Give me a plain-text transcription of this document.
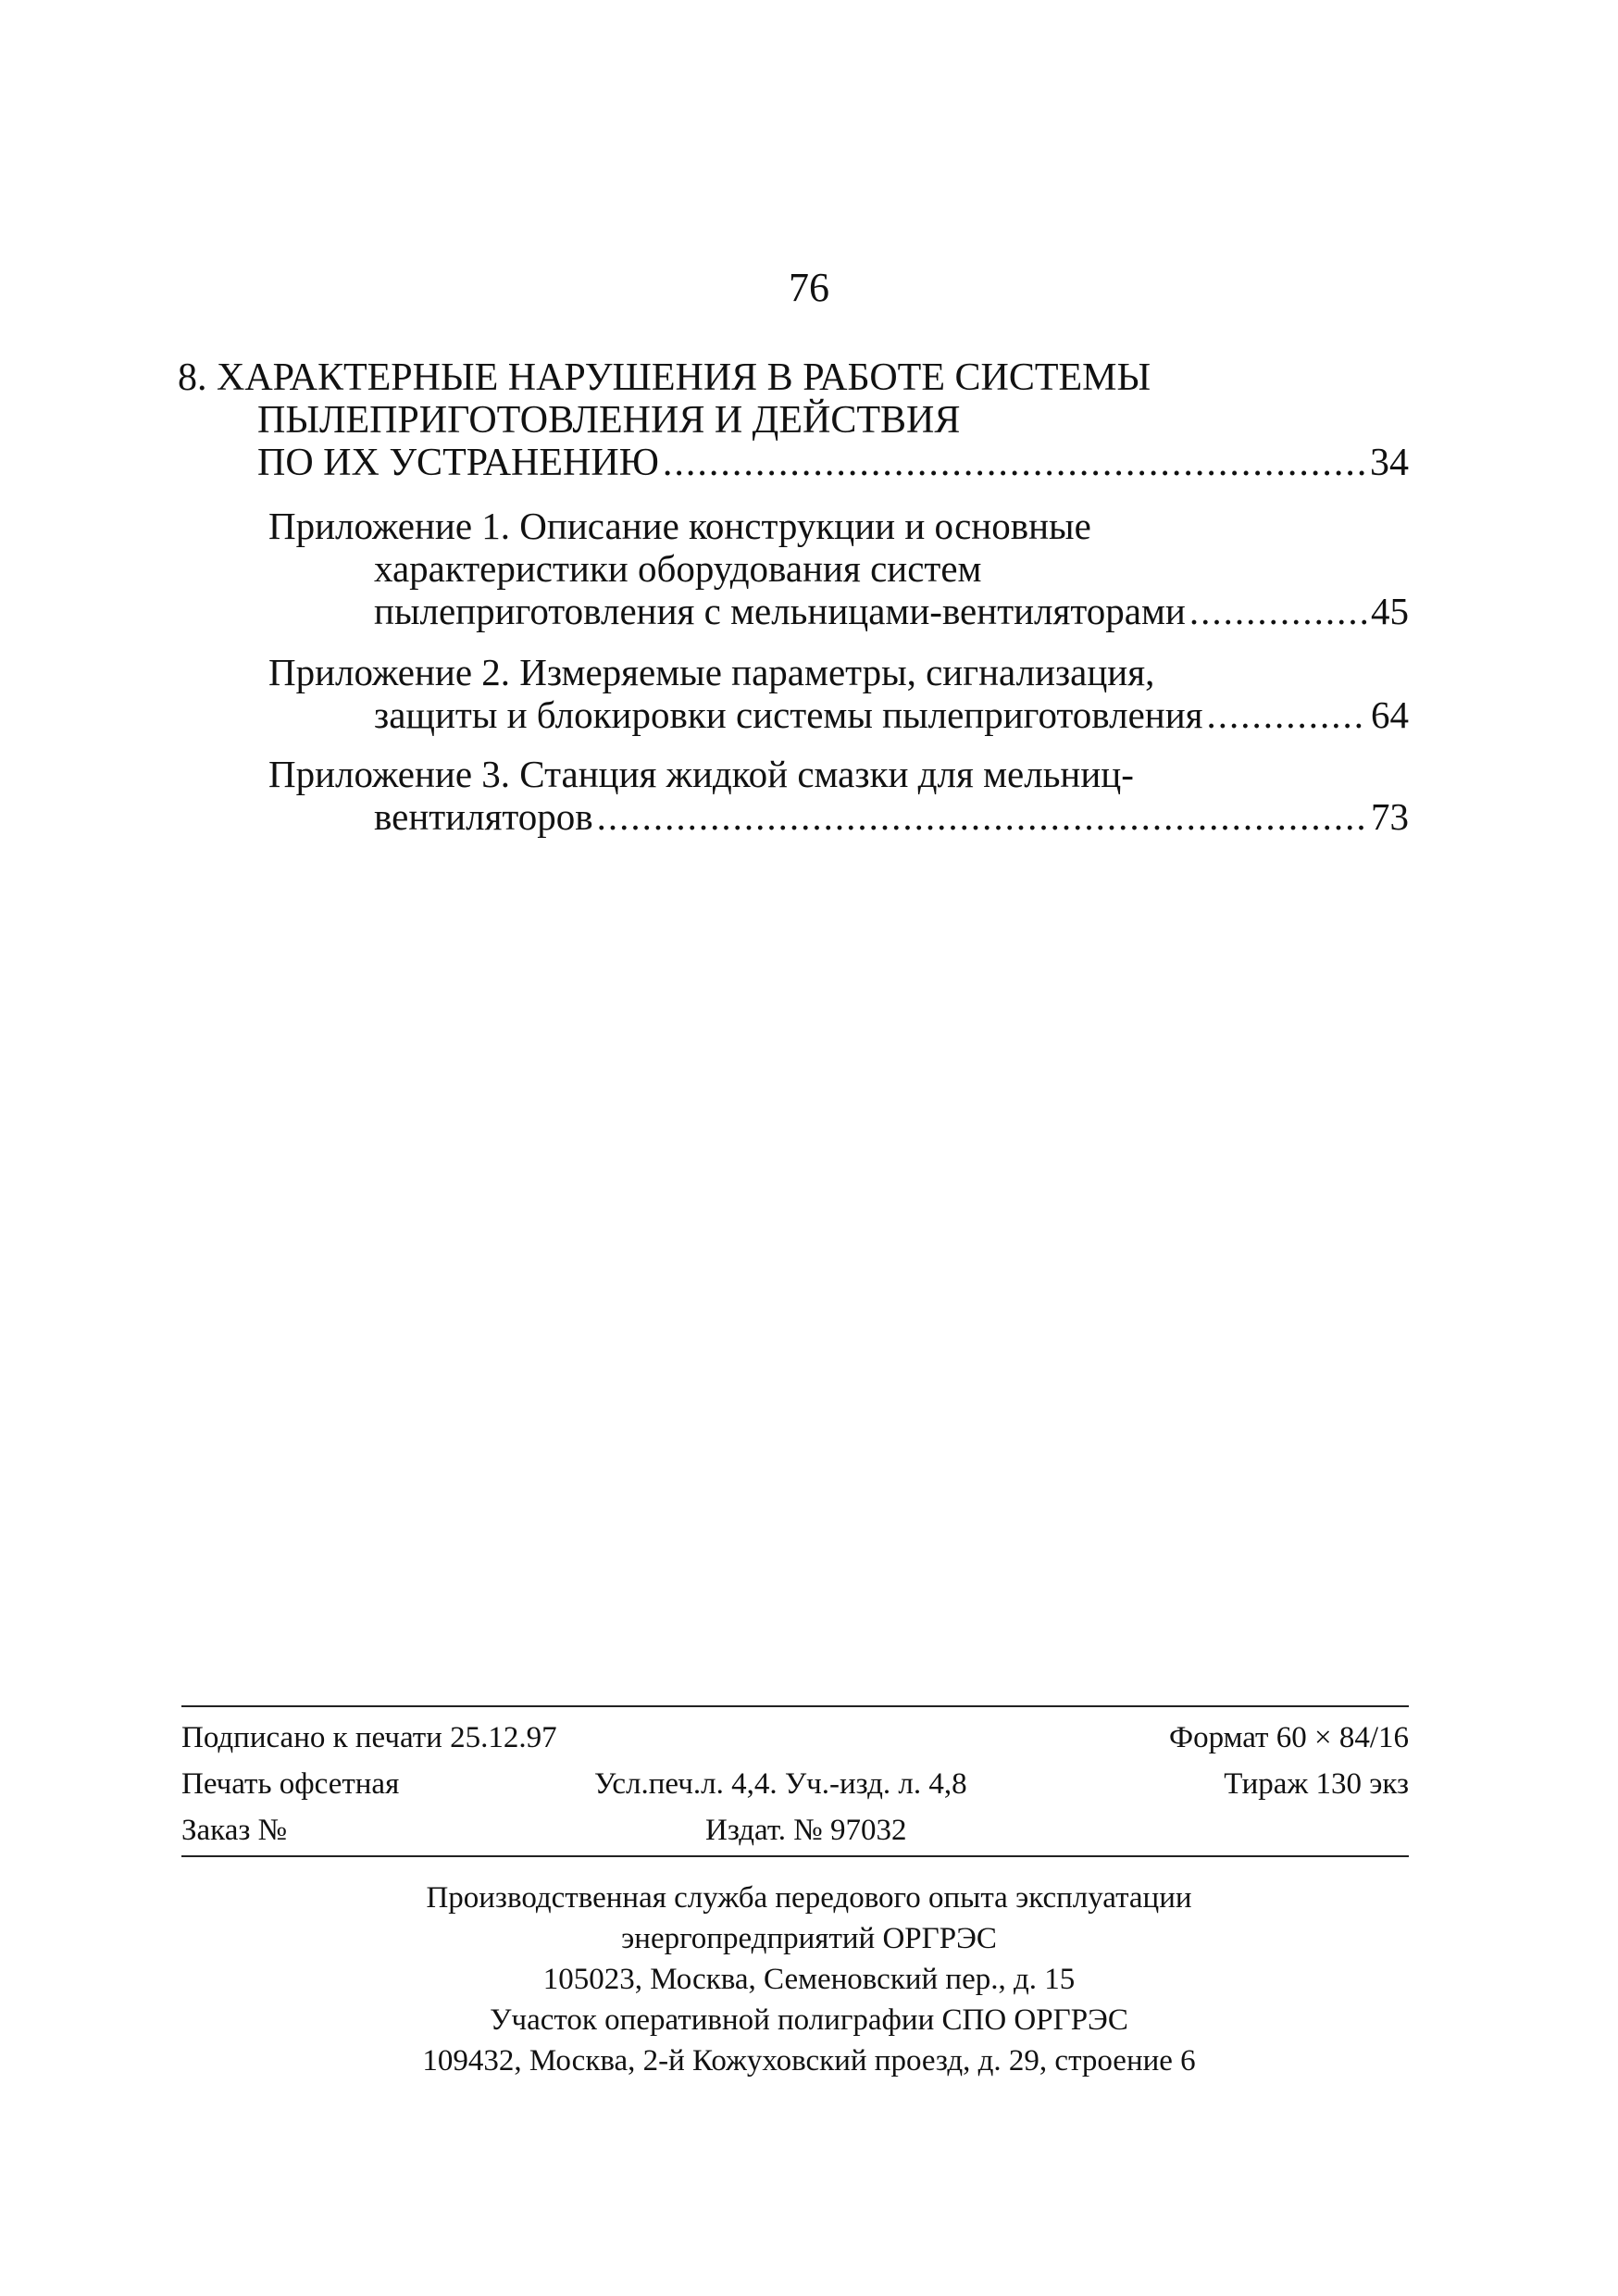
76
8. ХАРАКТЕРНЫЕ НАРУШЕНИЯ В РАБОТЕ СИСТЕМЫ
ПЫЛЕПРИГОТОВЛЕНИЯ И ДЕЙСТВИЯ
ПО ИХ УСТРАНЕНИЮ .....	34
Приложение 1. Описание конструкции и основные
характеристики оборудования систем
пылеприготовления с мельницами-вентиляторами .....	45
Приложение 2. Измеряемые параметры, сигнализация,
защиты и блокировки системы пылеприготовления .....	64
Приложение 3. Станция жидкой смазки для мельниц-
вентиляторов .....	73
Подписано к печати 25.12.97	Формат 60 × 84/16
Печать офсетная	Усл.печ.л. 4,4. Уч.-изд. л. 4,8	Тираж 130 экз
Заказ №	Издат. № 97032
Производственная служба передового опыта эксплуатации
энергопредприятий ОРГРЭС
105023, Москва, Семеновский пер., д. 15
Участок оперативной полиграфии СПО ОРГРЭС
109432, Москва, 2-й Кожуховский проезд, д. 29, строение 6
